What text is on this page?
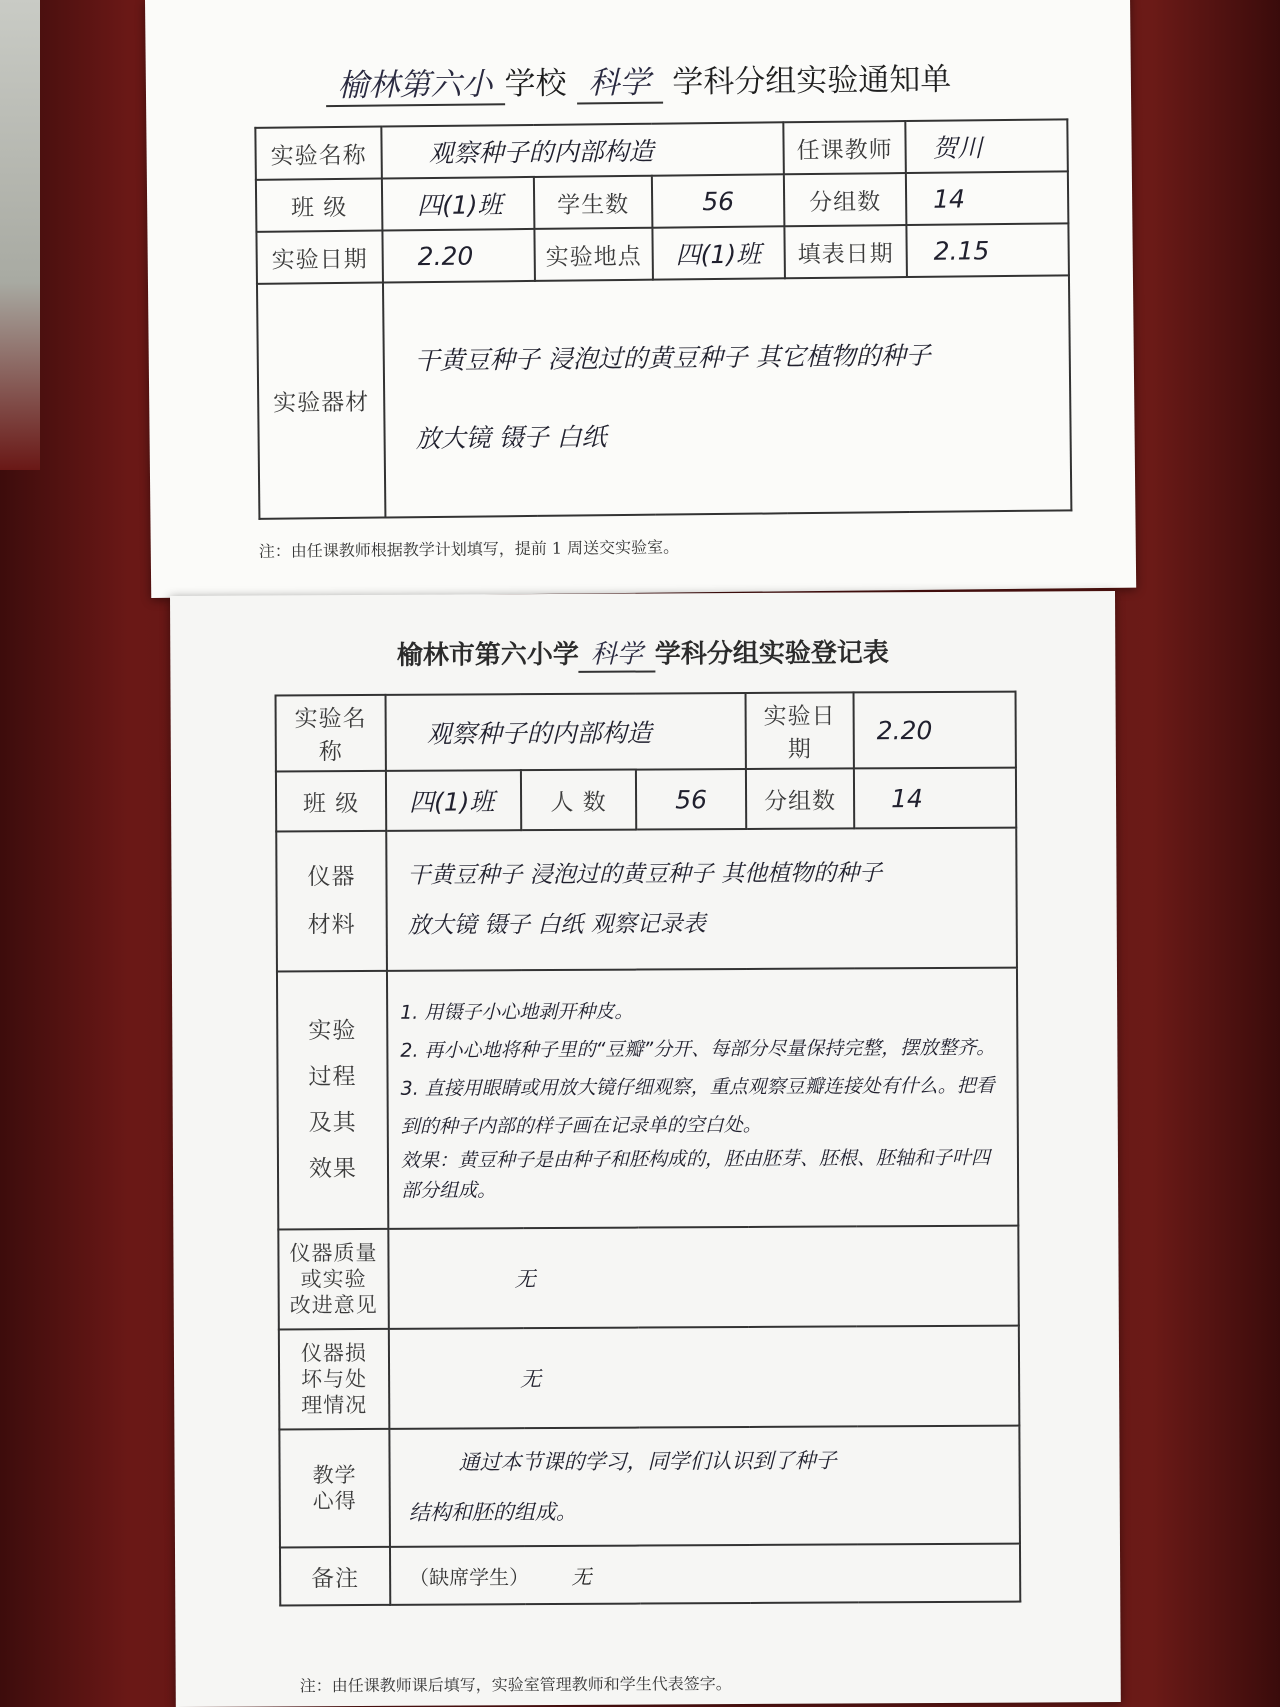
榆林第六小 学校 科学 学科分组实验通知单
实验名称	观察种子的内部构造			任课教师	贺川
班 级	四(1)班	学生数	56	分组数	14
实验日期	2.20	实验地点	四(1)班	填表日期	2.15
实验器材	干黄豆种子 浸泡过的黄豆种子 其它植物的种子
放大镜 镊子 白纸				
注：由任课教师根据教学计划填写，提前 1 周送交实验室。
榆林市第六小学 科学 学科分组实验登记表
实验名称	观察种子的内部构造			实验日期	2.20
班 级	四(1)班	人 数	56	分组数	14

仪器
材料	干黄豆种子 浸泡过的黄豆种子 其他植物的种子
放大镜 镊子 白纸 观察记录表				

实验
过程
及其
效果	1. 用镊子小心地剥开种皮。
2. 再小心地将种子里的“豆瓣”分开、每部分尽量保持完整，摆放整齐。
3. 直接用眼睛或用放大镜仔细观察，重点观察豆瓣连接处有什么。把看到的种子内部的样子画在记录单的空白处。
效果：黄豆种子是由种子和胚构成的，胚由胚芽、胚根、胚轴和子叶四部分组成。				

仪器质量
或实验
改进意见	无				

仪器损
坏与处
理情况	无				

教学
心得	通过本节课的学习，同学们认识到了种子
结构和胚的组成。				

备注	（缺席学生） 无				
注：由任课教师课后填写，实验室管理教师和学生代表签字。
